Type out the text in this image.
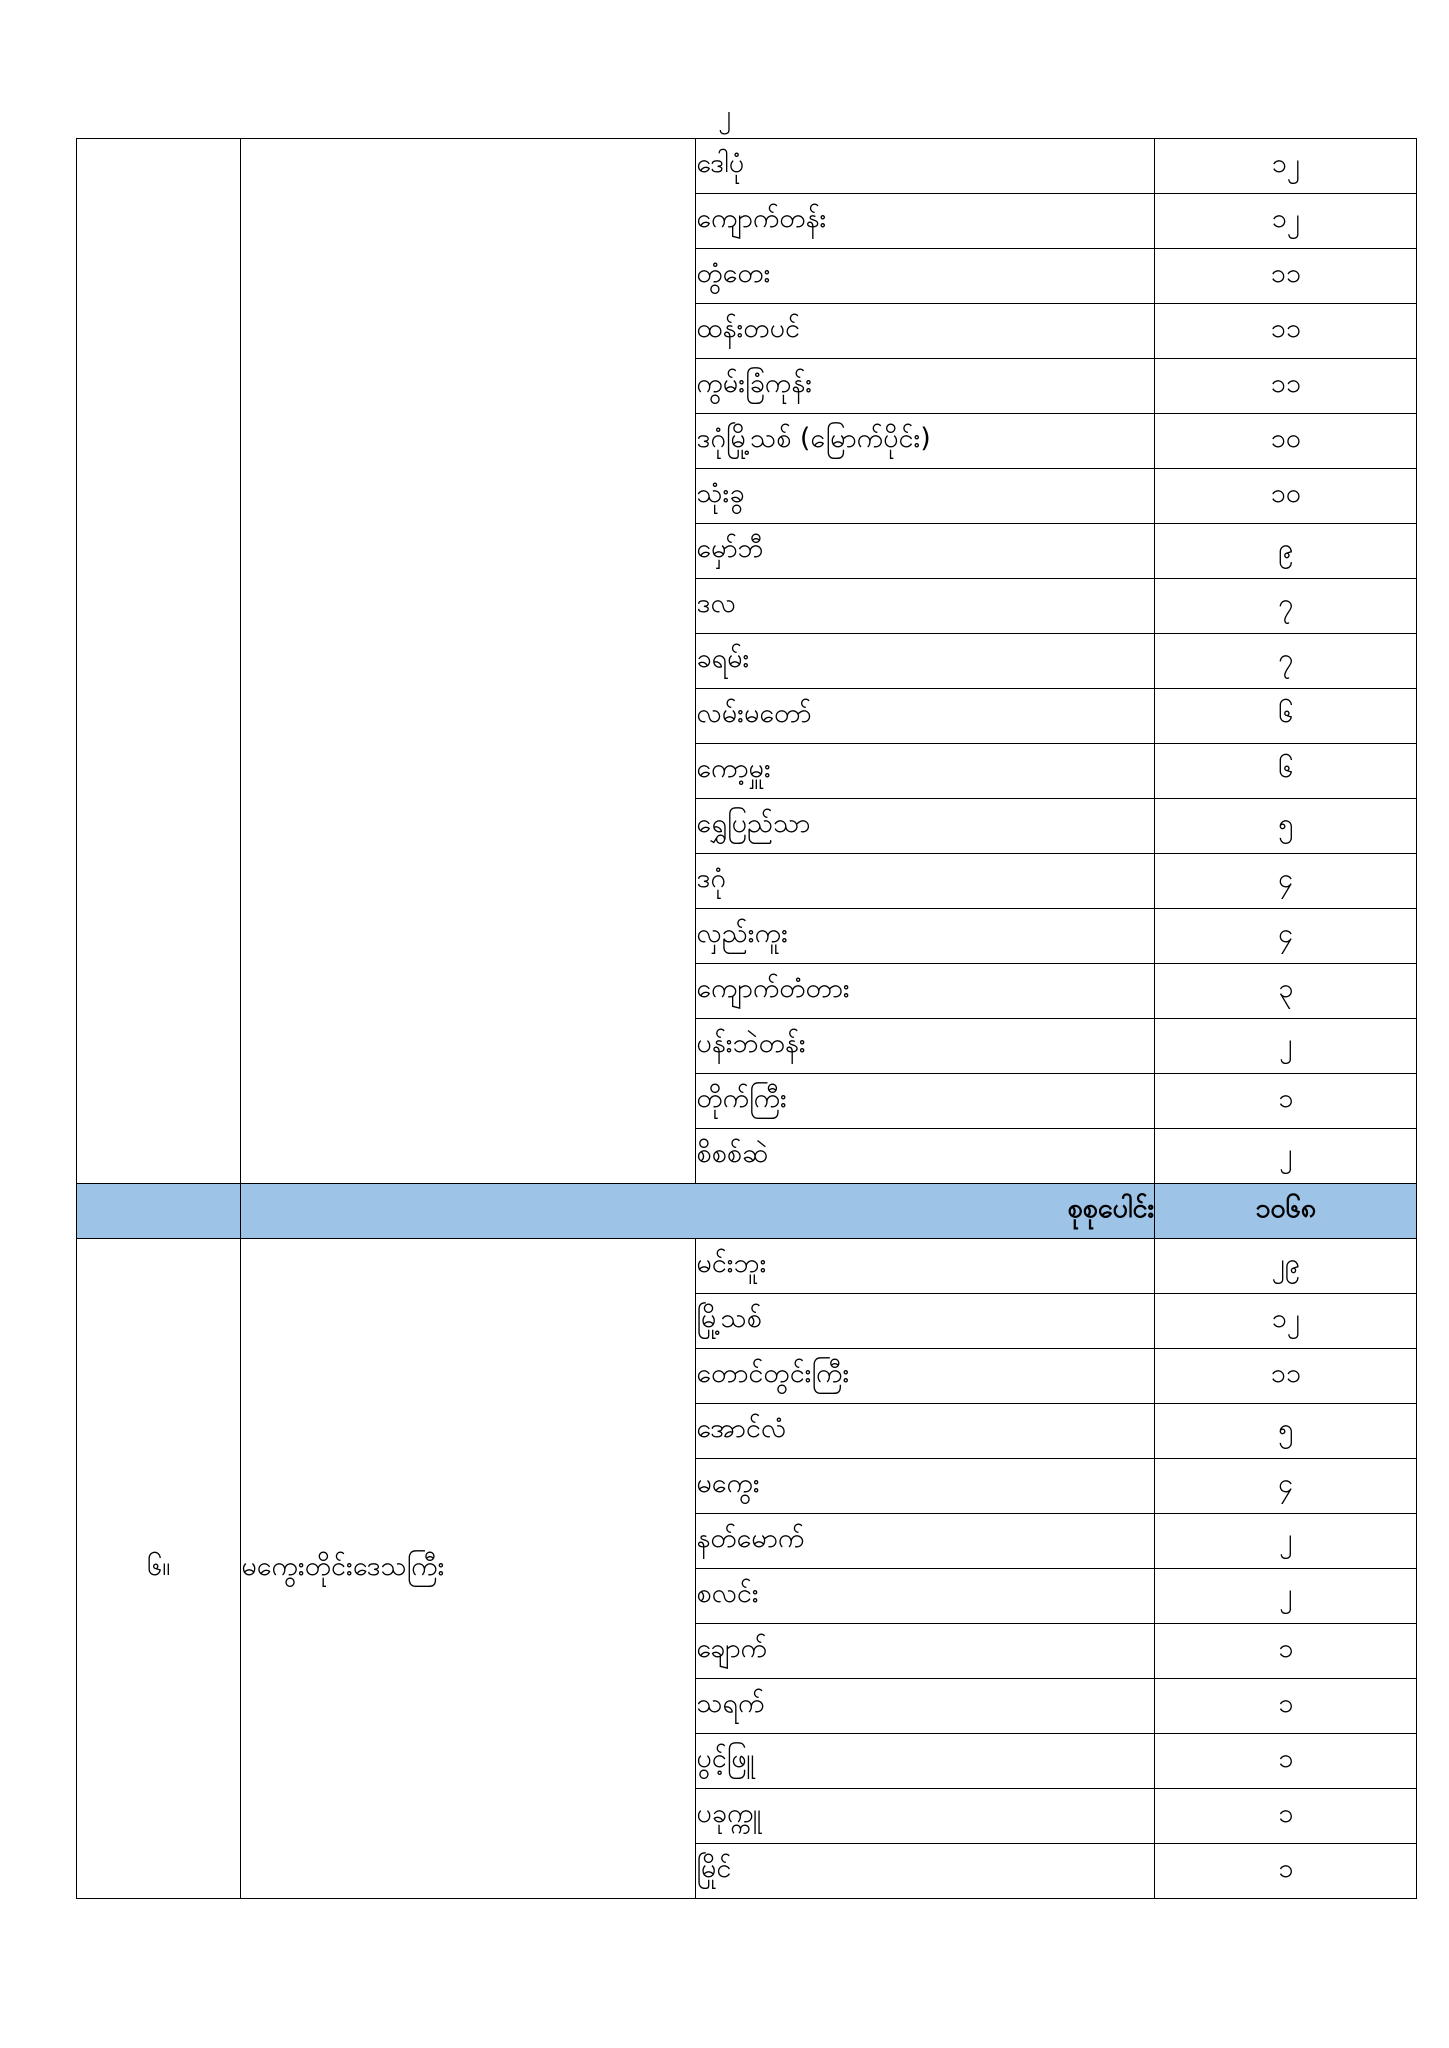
၂
		ဒေါပုံ	၁၂
		ကျောက်တန်း	၁၂
		တွံတေး	၁၁
		ထန်းတပင်	၁၁
		ကွမ်းခြံကုန်း	၁၁
		ဒဂုံမြို့သစ် (မြောက်ပိုင်း)	၁၀
		သုံးခွ	၁၀
		မှော်ဘီ	၉
		ဒလ	၇
		ခရမ်း	၇
		လမ်းမတော်	၆
		ကော့မှူး	၆
		ရွှေပြည်သာ	၅
		ဒဂုံ	၄
		လှည်းကူး	၄
		ကျောက်တံတား	၃
		ပန်းဘဲတန်း	၂
		တိုက်ကြီး	၁
		စိစစ်ဆဲ	၂
	စုစုပေါင်း		၁၀၆၈
၆။	မကွေးတိုင်းဒေသကြီး	မင်းဘူး	၂၉
		မြို့သစ်	၁၂
		တောင်တွင်းကြီး	၁၁
		အောင်လံ	၅
		မကွေး	၄
		နတ်မောက်	၂
		စလင်း	၂
		ချောက်	၁
		သရက်	၁
		ပွင့်ဖြူ	၁
		ပခုက္ကူ	၁
		မြိုင်	၁
